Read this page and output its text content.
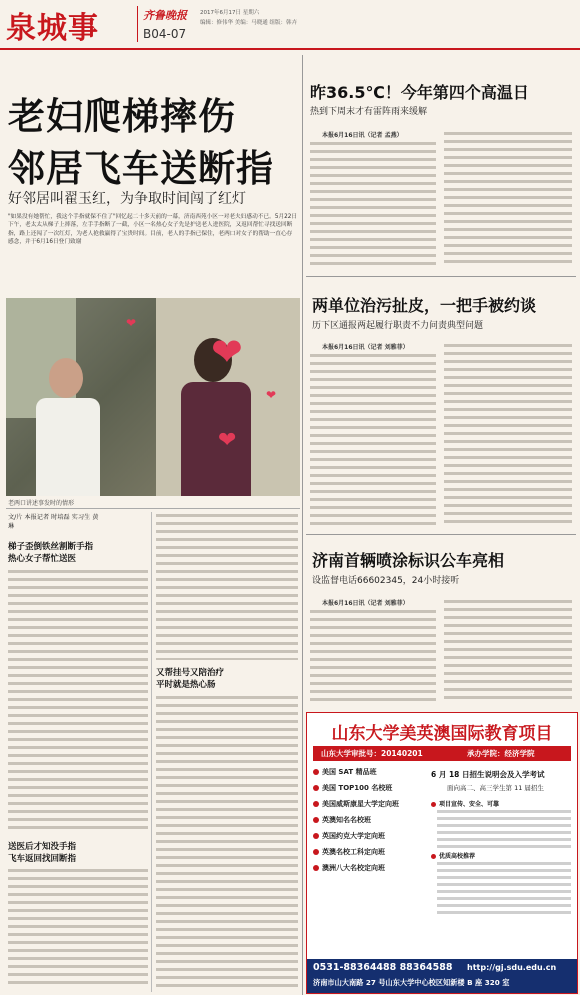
泉城事	齐鲁晚报 2017年6月17日 星期六
编辑：修伟华 美编：马晓通 组版：韩卉
B04-07
老妇爬梯摔伤
邻居飞车送断指
好邻居叫翟玉红，为争取时间闯了红灯
"如果没有她帮忙，我这个手指就保不住了"回忆起二十多天前的一幕，济南西苑小区一对老夫妇感动不已。5月22日下午，老太太从梯子上摔落，左手手指断了一截，小区一名热心女子先是护送老人进医院，又返回帮忙寻找送回断指，路上还闯了一次红灯，为老人抢救赢得了宝贵时间。目前，老人的手指已保住，老两口对女子的帮助一直心存感念，并于6月16日登门致谢
❤
❤
❤
❤
老两口讲述事发时的情形
文/片 本报记者 时培磊 实习生 黄琳
梯子歪倒铁丝割断手指
热心女子帮忙送医
送医后才知没手指
飞车返回找回断指
又帮挂号又陪治疗
平时就是热心肠
昨36.5℃！今年第四个高温日
热到下周末才有雷阵雨来缓解
本报6月16日讯（记者 孟燕）
两单位治污扯皮，一把手被约谈
历下区通报两起履行职责不力问责典型问题
本报6月16日讯（记者 刘雅菲）
济南首辆喷涂标识公车亮相
设监督电话66602345，24小时接听
本报6月16日讯（记者 刘雅菲）
山东大学美英澳国际教育项目
山东大学审批号：20140201	承办学院：经济学院
美国 SAT 精品班
美国 TOP100 名校班
美国威斯康星大学定向班
英澳知名名校班
英国约克大学定向班
英澳名校工科定向班
澳洲八大名校定向班
6 月 18 日招生说明会及入学考试
面向高二、高三学生第 11 届招生
项目宣传、安全、可靠
优质高校推荐
0531-88364488 88364588 http://gj.sdu.edu.cn
济南市山大南路 27 号山东大学中心校区知新楼 B 座 320 室
